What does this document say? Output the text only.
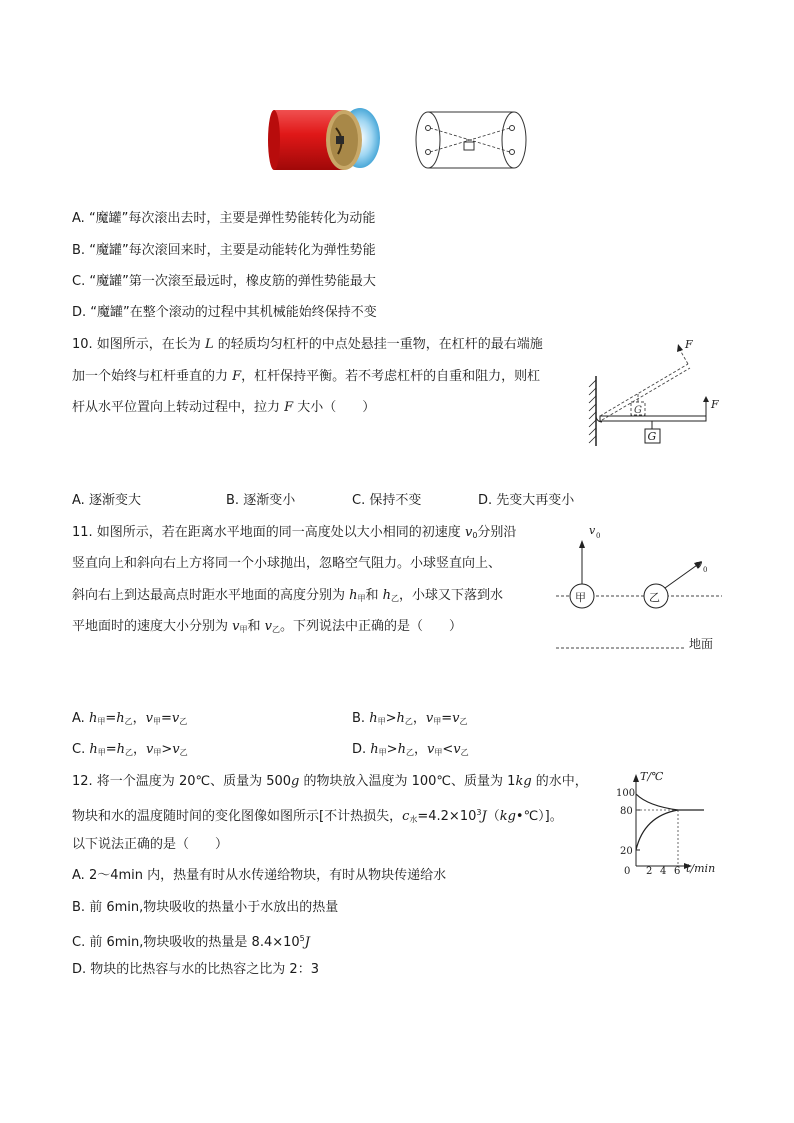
A. “魔罐”每次滚出去时，主要是弹性势能转化为动能
B. “魔罐”每次滚回来时，主要是动能转化为弹性势能
C. “魔罐”第一次滚至最远时，橡皮筋的弹性势能最大
D. “魔罐”在整个滚动的过程中其机械能始终保持不变
10. 如图所示，在长为 L 的轻质均匀杠杆的中点处悬挂一重物，在杠杆的最右端施
加一个始终与杠杆垂直的力 F，杠杆保持平衡。若不考虑杠杆的自重和阻力，则杠
杆从水平位置向上转动过程中，拉力 F 大小（　　）
G
F
G
F
A. 逐渐变大	B. 逐渐变小	C. 保持不变	D. 先变大再变小
11. 如图所示，若在距离水平地面的同一高度处以大小相同的初速度 $v_0$分别沿
竖直向上和斜向右上方将同一个小球抛出，忽略空气阻力。小球竖直向上、
斜向右上到达最高点时距水平地面的高度分别为 $h_甲$和 $h_乙$，小球又下落到水
平地面时的速度大小分别为 $v_甲$和 $v_乙$。下列说法中正确的是（　　）
v 0
甲	乙
v 0
地面
A. $h_甲=h_乙$，$v_甲=v_乙$	B. $h_甲>h_乙$，$v_甲=v_乙$
C. $h_甲=h_乙$，$v_甲>v_乙$	D. $h_甲>h_乙$，$v_甲<v_乙$
12. 将一个温度为 20℃、质量为 500g 的物块放入温度为 100℃、质量为 1kg 的水中，
物块和水的温度随时间的变化图像如图所示[不计热损失，$c_水=4.2\times 10^3J(kg•℃)$]。
以下说法正确的是（　　）
T/℃
t/min
100
80
20
0 2 4 6
A. 2～4min 内，热量有时从水传递给物块，有时从物块传递给水
B. 前 6min,物块吸收的热量小于水放出的热量
C. 前 6min,物块吸收的热量是 $8.4\times 10^5J$
D. 物块的比热容与水的比热容之比为 2：3
